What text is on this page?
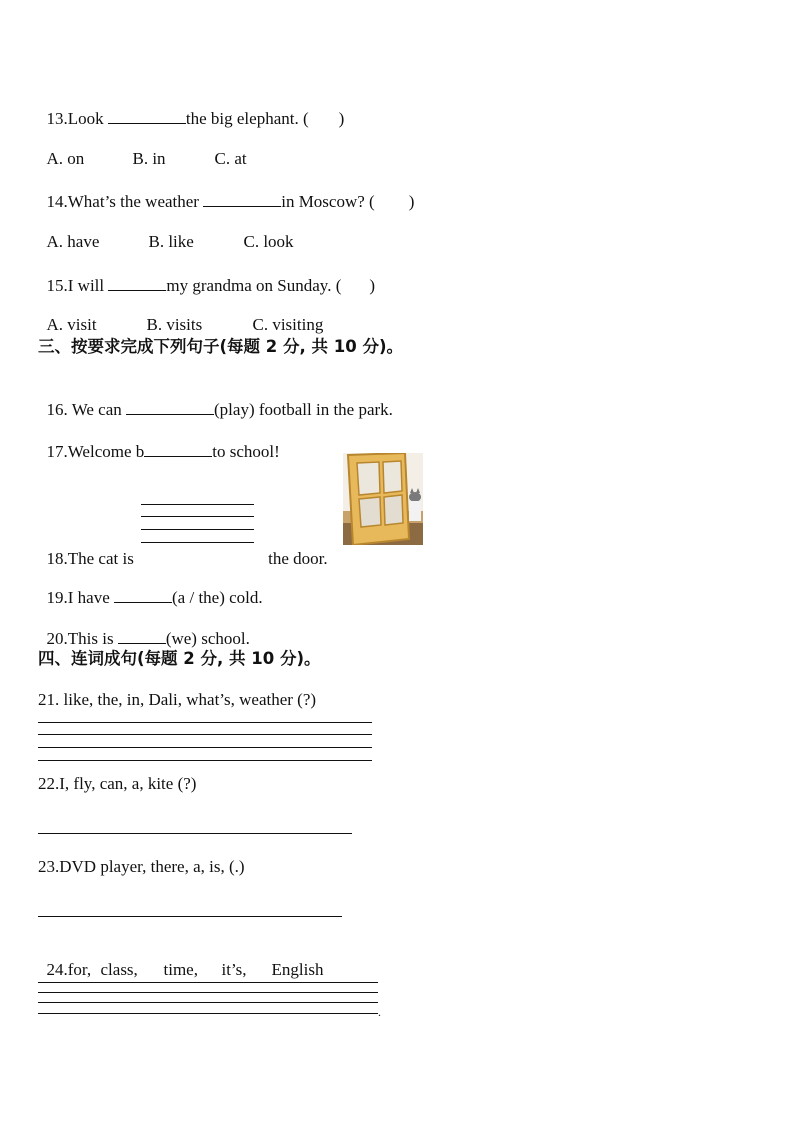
13.Look	the big elephant. ( )

A. on	B. in	C. at

14.What’s the weather	in Moscow? ( )

A. have	B. like	C. look

15.I will	my grandma on Sunday. ( )

A. visit	B. visits	C. visiting

三、按要求完成下列句子(每题 2 分, 共 10 分)。

16. We can	(play) football in the park.

17.Welcome b	to school!

18.The cat is	the door.

19.I have	(a / the) cold.

20.This is	(we) school.

四、连词成句(每题 2 分, 共 10 分)。
21. like, the, in, Dali, what’s, weather (?)
22.I, fly, can, a, kite (?)
23.DVD player, there, a, is, (.)

24.for, class, time, it’s, English

.
